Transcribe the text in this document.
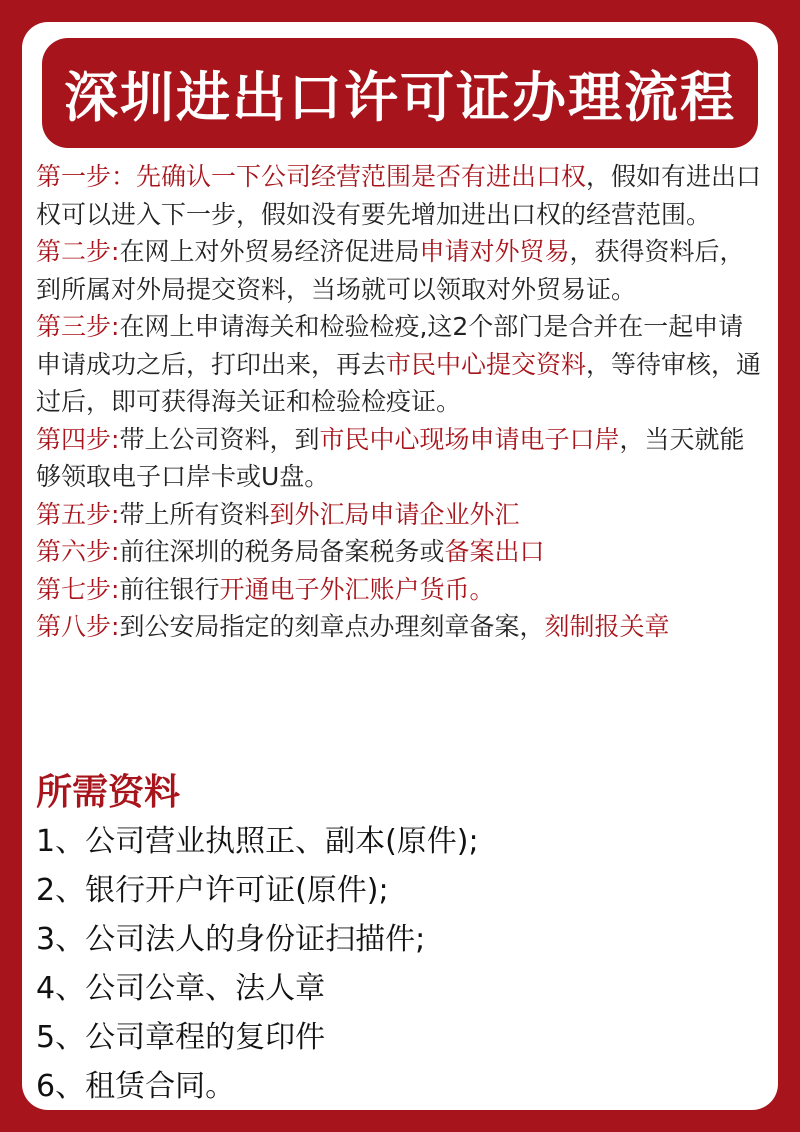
深圳进出口许可证办理流程

第一步：先确认一下公司经营范围是否有进出口权，假如有进出口权可以进入下一步，假如没有要先增加进出口权的经营范围。

第二步:在网上对外贸易经济促进局申请对外贸易，获得资料后，到所属对外局提交资料，当场就可以领取对外贸易证。

第三步:在网上申请海关和检验检疫,这2个部门是合并在一起申请申请成功之后，打印出来，再去市民中心提交资料，等待审核，通过后，即可获得海关证和检验检疫证。

第四步:带上公司资料，到市民中心现场申请电子口岸，当天就能够领取电子口岸卡或U盘。

第五步:带上所有资料到外汇局申请企业外汇

第六步:前往深圳的税务局备案税务或备案出口

第七步:前往银行开通电子外汇账户货币。

第八步:到公安局指定的刻章点办理刻章备案，刻制报关章

所需资料
1、公司营业执照正、副本(原件);
2、银行开户许可证(原件);
3、公司法人的身份证扫描件;
4、公司公章、法人章
5、公司章程的复印件
6、租赁合同。
